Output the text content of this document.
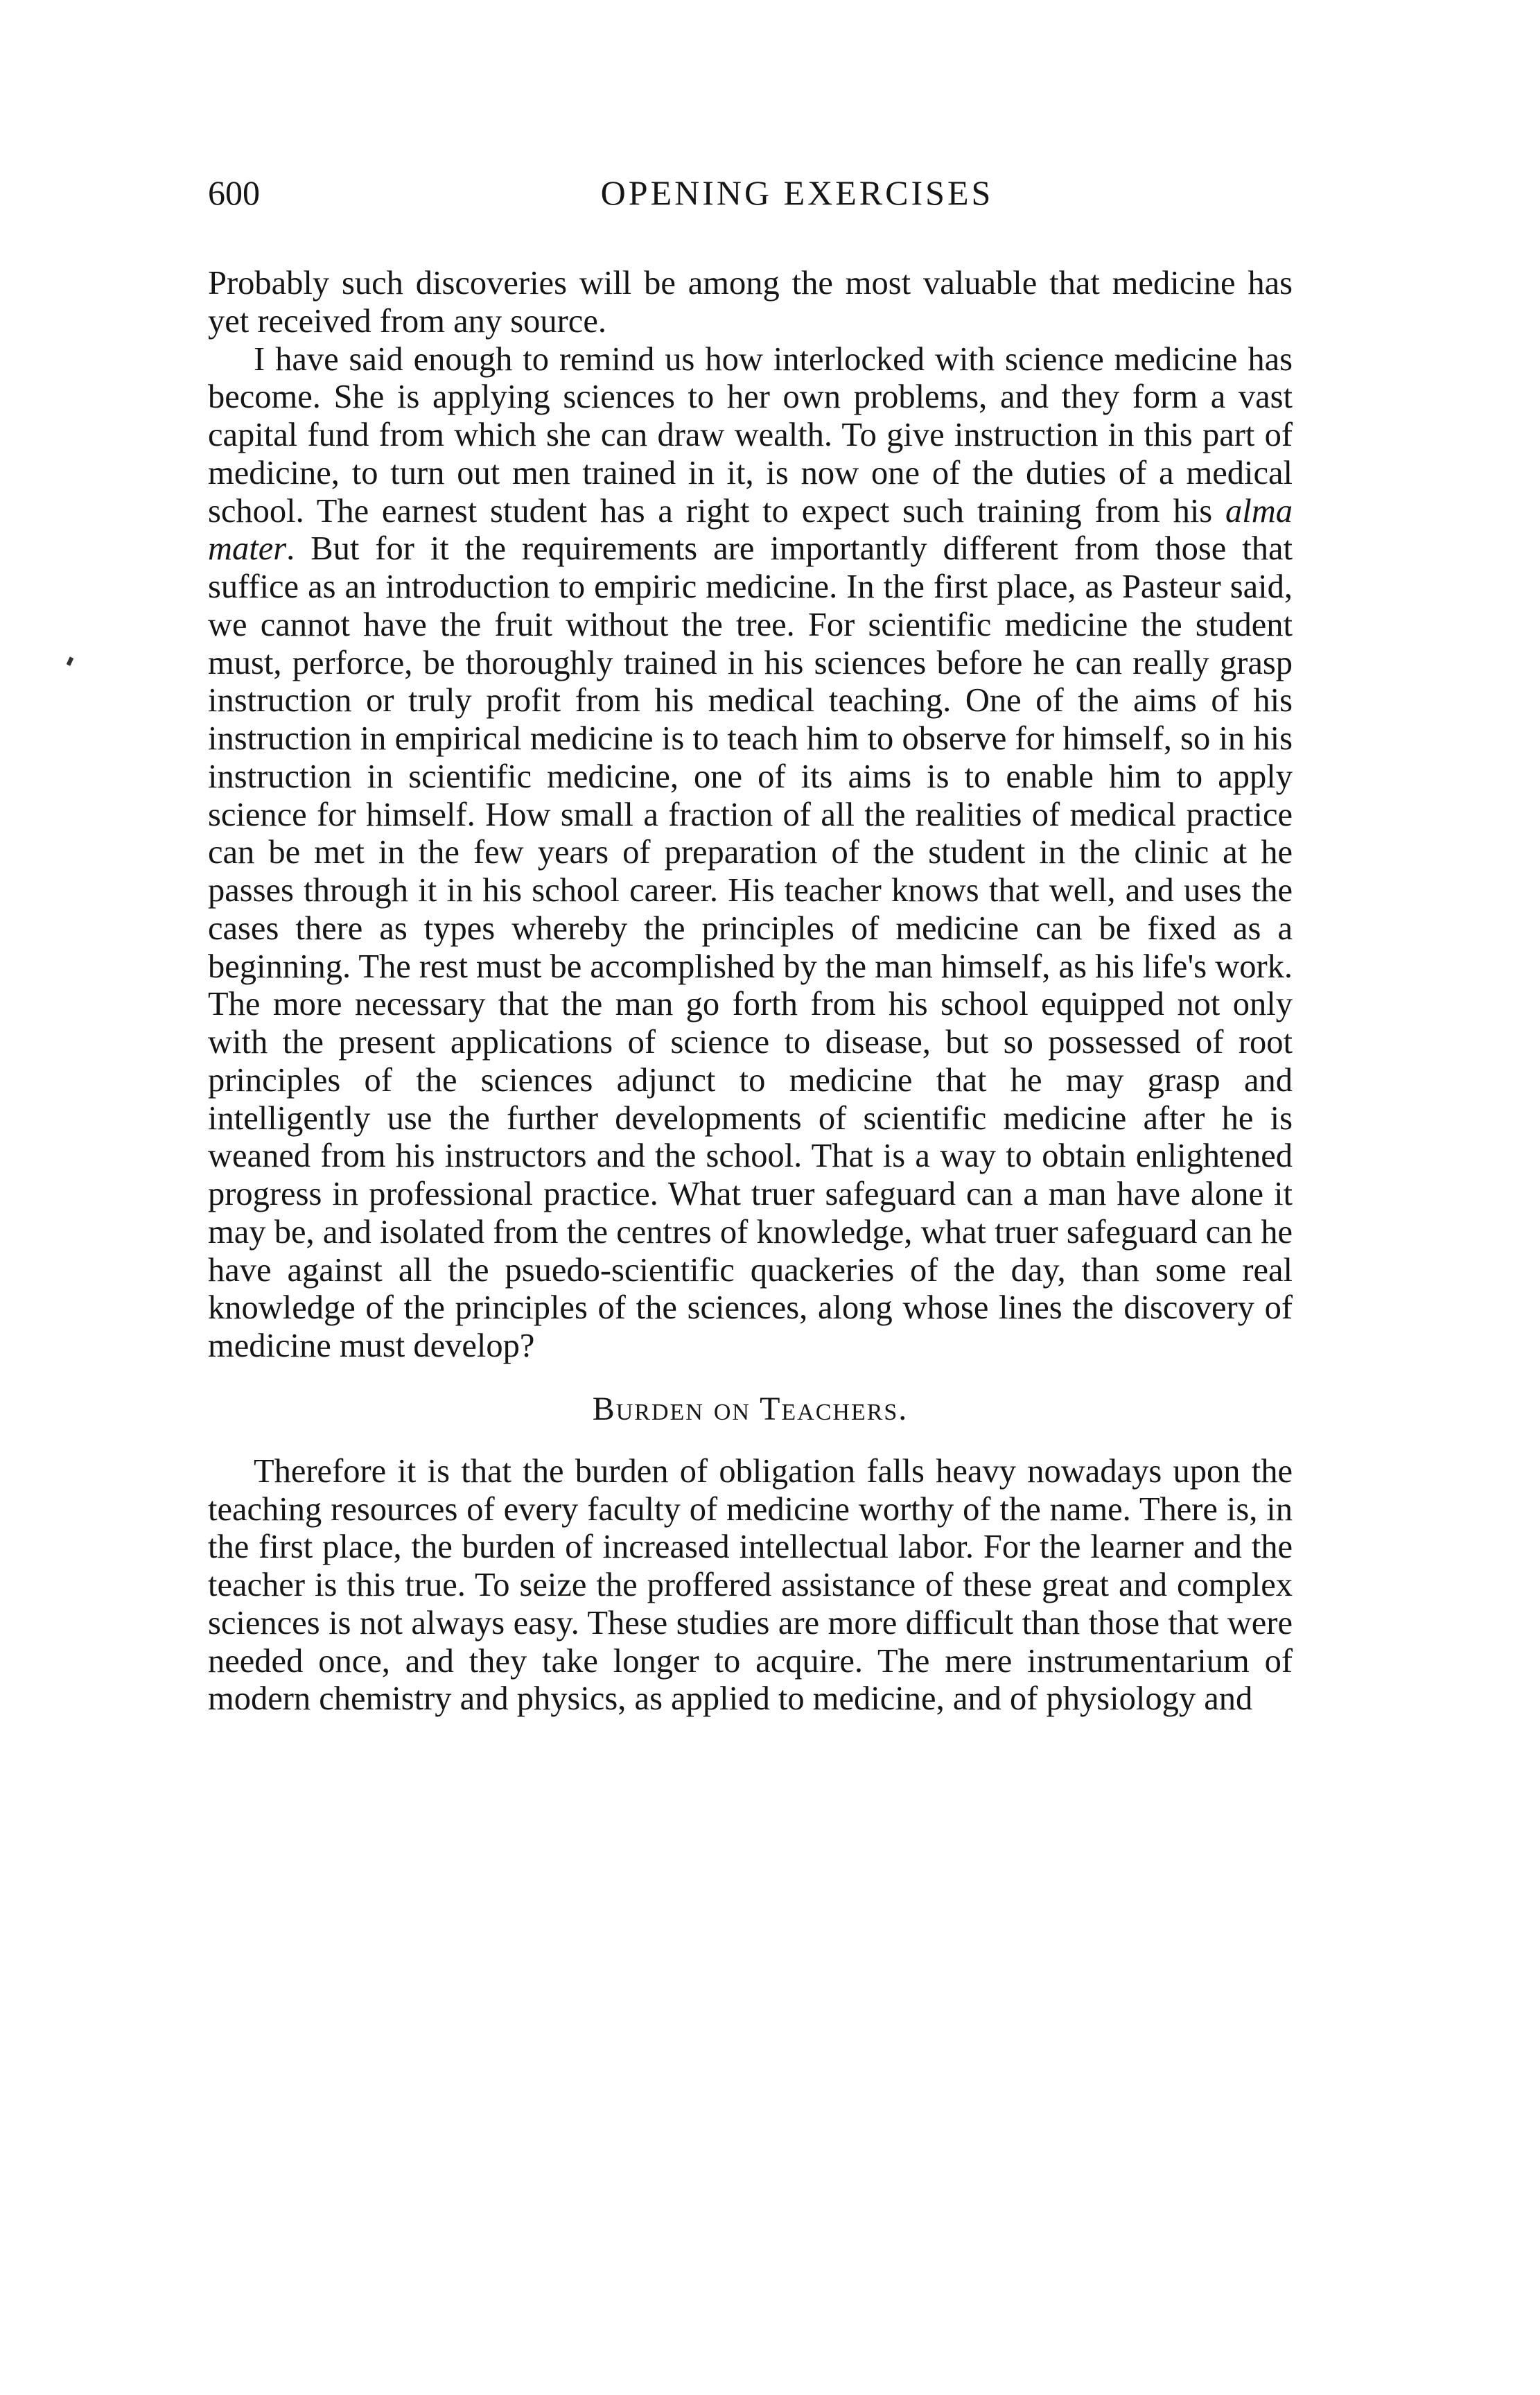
600	OPENING EXERCISES

Probably such discoveries will be among the most valuable that medicine has yet received from any source.

I have said enough to remind us how interlocked with science medicine has become. She is applying sciences to her own problems, and they form a vast capital fund from which she can draw wealth. To give instruction in this part of medicine, to turn out men trained in it, is now one of the duties of a medical school. The earnest student has a right to expect such training from his alma mater. But for it the requirements are importantly different from those that suffice as an introduction to empiric medicine. In the first place, as Pasteur said, we cannot have the fruit without the tree. For scientific medicine the student must, perforce, be thoroughly trained in his sciences before he can really grasp instruction or truly profit from his medical teaching. One of the aims of his instruction in empirical medicine is to teach him to observe for himself, so in his instruction in scientific medicine, one of its aims is to enable him to apply science for himself. How small a fraction of all the realities of medical practice can be met in the few years of preparation of the student in the clinic at he passes through it in his school career. His teacher knows that well, and uses the cases there as types whereby the principles of medicine can be fixed as a beginning. The rest must be accomplished by the man himself, as his life's work. The more necessary that the man go forth from his school equipped not only with the present applications of science to disease, but so possessed of root principles of the sciences adjunct to medicine that he may grasp and intelligently use the further developments of scientific medicine after he is weaned from his instructors and the school. That is a way to obtain enlightened progress in professional practice. What truer safeguard can a man have alone it may be, and isolated from the centres of knowledge, what truer safeguard can he have against all the psuedo-scientific quackeries of the day, than some real knowledge of the principles of the sciences, along whose lines the discovery of medicine must develop?

Burden on Teachers.

Therefore it is that the burden of obligation falls heavy nowadays upon the teaching resources of every faculty of medicine worthy of the name. There is, in the first place, the burden of increased intellectual labor. For the learner and the teacher is this true. To seize the proffered assistance of these great and complex sciences is not always easy. These studies are more difficult than those that were needed once, and they take longer to acquire. The mere instrumentarium of modern chemistry and physics, as applied to medicine, and of physiology and
